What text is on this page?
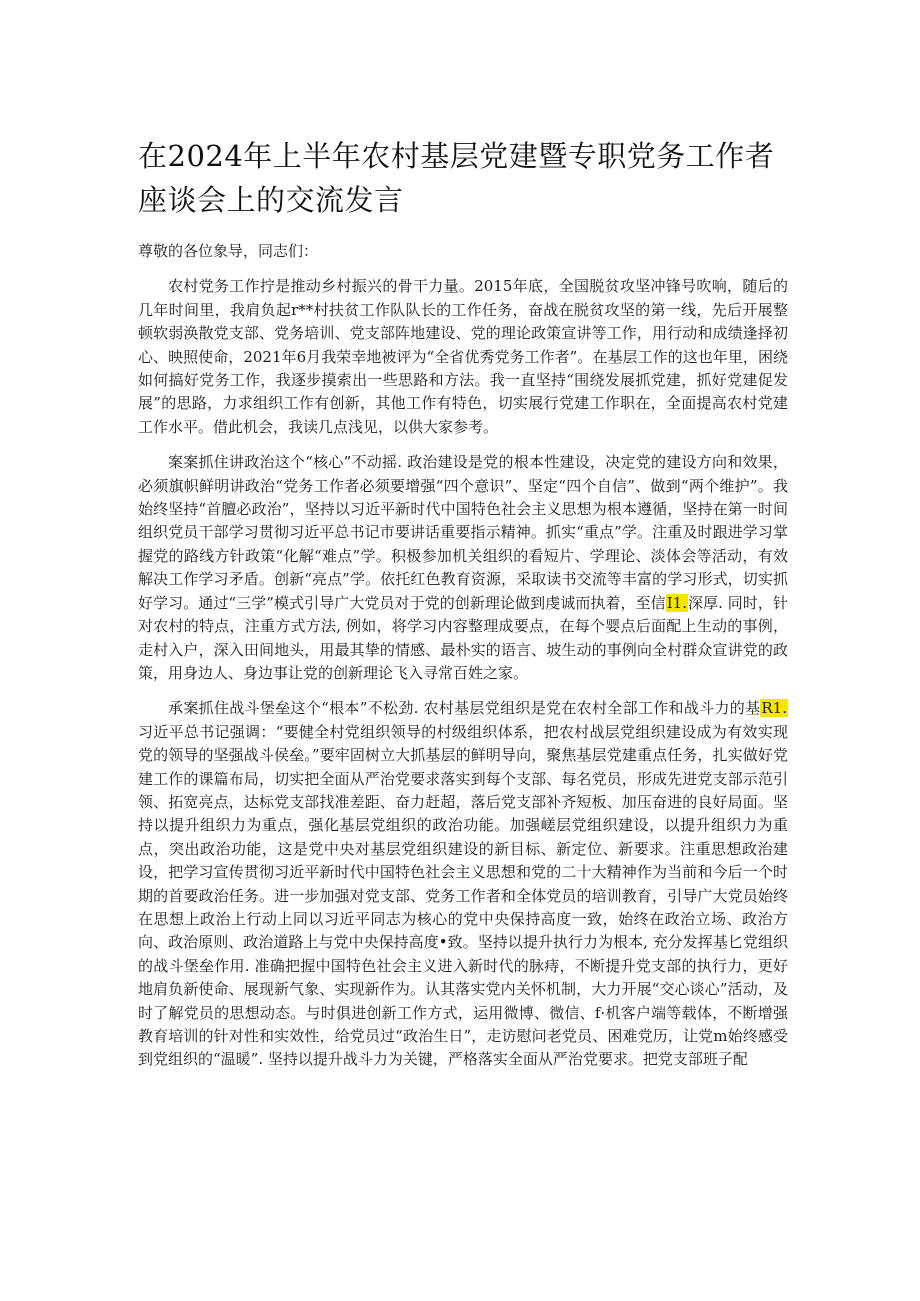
在2024年上半年农村基层党建暨专职党务工作者座谈会上的交流发言

尊敬的各位象导，同志们：

农村党务工作拧是推动乡村振兴的骨干力量。2015年底，全国脱贫攻坚冲锋号吹响，随后的几年时间里，我肩负起r**村扶贫工作队队长的工作任务，奋战在脱贫攻坚的第一线，先后开展整顿软弱涣散党支部、党务培训、党支部阵地建设、党的理论政策宣讲等工作，用行动和成绩逢择初心、映照使命，2021年6月我荣幸地被评为“全省优秀党务工作者”。在基层工作的这也年里，困绕如何搞好党务工作，我逐步摸索出一些思路和方法。我一直坚持“围绕发展抓党建，抓好党建促发展”的思路，力求组织工作有创新，其他工作有特色，切实展行党建工作职在，全面提高农村党建工作水平。借此机会，我读几点浅见，以供大家参考。

案案抓住讲政治这个“核心”不动摇. 政治建设是党的根本性建设，决定党的建设方向和效果，必须旗帜鲜明讲政治“党务工作者必须要增强“四个意识”、坚定“四个自信”、做到“两个维护”。我始终坚持“首膻必政治”，坚持以习近平新时代中国特色社会主义思想为根本遵循，坚持在第一时间组织党员干部学习贯彻习近平总书记市要讲话重要指示精神。抓实“重点”学。注重及时跟进学习掌握党的路线方针政策“化解“难点”学。积极参加机关组织的看短片、学理论、淡体会等活动，有效解决工作学习矛盾。创新“亮点”学。依托红色教育资源，采取读书交流等丰富的学习形式，切实抓好学习。通过“三学”模式引导广大党员对于党的创新理论做到虔诚而执着，至信I1.深厚. 同时，针对农村的特点，注重方式方法, 例如，将学习内容整理成要点，在每个婴点后面配上生动的事例，走村入户，深入田间地头，用最其挚的情感、最朴实的语言、坡生动的事例向全村群众宣讲党的政策，用身边人、身边事让党的创新理论飞入寻常百姓之家。

承案抓住战斗堡垒这个“根本”不松劲. 农村基层党组织是党在农村全部工作和战斗力的基R1.习近平总书记强调：“要健全村党组织领导的村级组织体系，把农村战层党组织建设成为有效实现党的领导的坚强战斗侯垒。”要牢固树立大抓基层的鲜明导向，聚焦基层党建重点任务，扎实做好党建工作的课篇布局，切实把全面从严治党要求落实到每个支部、每名党员，形成先进党支部示范引领、拓宽亮点，达标党支部找准差距、奋力赶超，落后党支部补齐短板、加压奋进的良好局面。坚持以提升组织力为重点，强化基层党组织的政治功能。加强嵯层党组织建设，以提升组织力为重点，突出政治功能，这是党中央对基层党组织建设的新目标、新定位、新要求。注重思想政治建设，把学习宣传贯彻习近平新时代中国特色社会主义思想和党的二十大精神作为当前和今后一个时期的首要政治任务。进一步加强对党支部、党务工作者和全体党员的培训教育，引导广大党员始终在思想上政治上行动上同以习近平同志为核心的党中央保持高度一致，始终在政治立场、政治方向、政治原则、政治道路上与党中央保持高度•致。坚持以提升执行力为根本, 充分发挥基匕党组织的战斗堡垒作用. 准确把握中国特色社会主义进入新时代的脉痔，不断提升党支部的执行力，更好地肩负新使命、展现新气象、实现新作为。认其落实党内关怀机制，大力开展“交心谈心”活动，及时了解党员的思想动态。与时俱进创新工作方式，运用微博、微信、f·机客户端等载体，不断增强教育培训的针对性和实效性，给党员过“政治生日”，走访慰问老党员、困难党历，让党m始终感受到党组织的“温暖”. 坚持以提升战斗力为关键，严格落实全面从严治党要求。把党支部班子配
